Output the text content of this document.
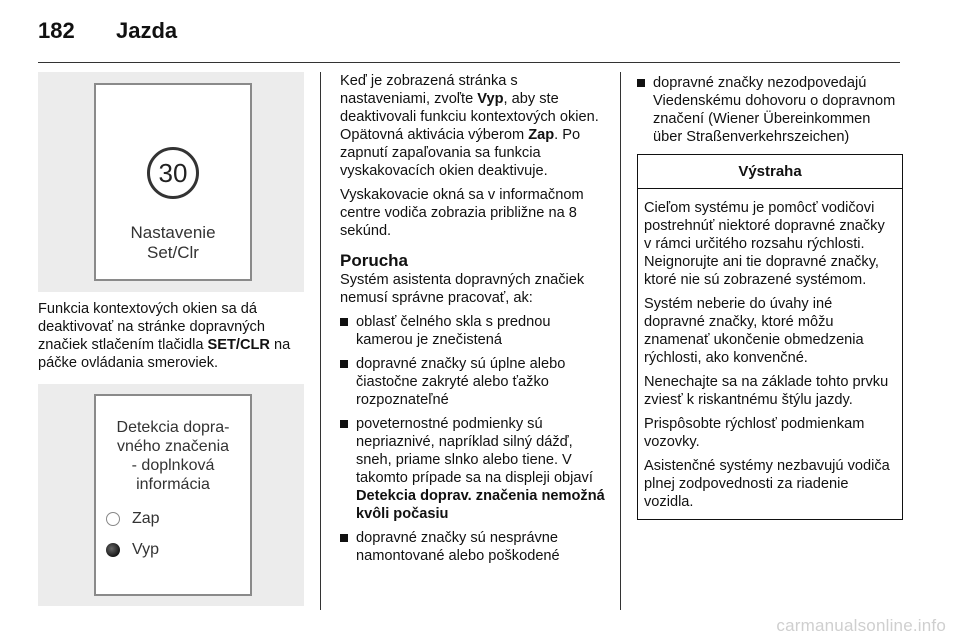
182	Jazda
30
Nastavenie
Set/Clr

Funkcia kontextových okien sa dá deaktivovať na stránke dopravných značiek stlačením tlačidla SET/CLR na páčke ovládania smeroviek.

Detekcia dopra-
vného značenia
- doplnková
informácia
Zap
Vyp

Keď je zobrazená stránka s nastaveniami, zvoľte Vyp, aby ste deaktivovali funkciu kontextových okien. Opätovná aktivácia výberom Zap. Po zapnutí zapaľovania sa funkcia vyskakovacích okien deaktivuje.

Vyskakovacie okná sa v informačnom centre vodiča zobrazia približne na 8 sekúnd.

Porucha

Systém asistenta dopravných značiek nemusí správne pracovať, ak:

oblasť čelného skla s prednou kamerou je znečistená
dopravné značky sú úplne alebo čiastočne zakryté alebo ťažko rozpoznateľné
poveternostné podmienky sú nepriaznivé, napríklad silný dážď, sneh, priame slnko alebo tiene. V takomto prípade sa na displeji objaví Detekcia doprav. značenia nemožná kvôli počasiu
dopravné značky sú nesprávne namontované alebo poškodené
dopravné značky nezodpovedajú Viedenskému dohovoru o dopravnom značení (Wiener Übereinkommen über Straßenverkehrszeichen)
Výstraha

Cieľom systému je pomôcť vodičovi postrehnúť niektoré dopravné značky v rámci určitého rozsahu rýchlosti. Neignorujte ani tie dopravné značky, ktoré nie sú zobrazené systémom.

Systém neberie do úvahy iné dopravné značky, ktoré môžu znamenať ukončenie obmedzenia rýchlosti, ako konvenčné.

Nenechajte sa na základe tohto prvku zviesť k riskantnému štýlu jazdy.

Prispôsobte rýchlosť podmienkam vozovky.

Asistenčné systémy nezbavujú vodiča plnej zodpovednosti za riadenie vozidla.

carmanualsonline.info
